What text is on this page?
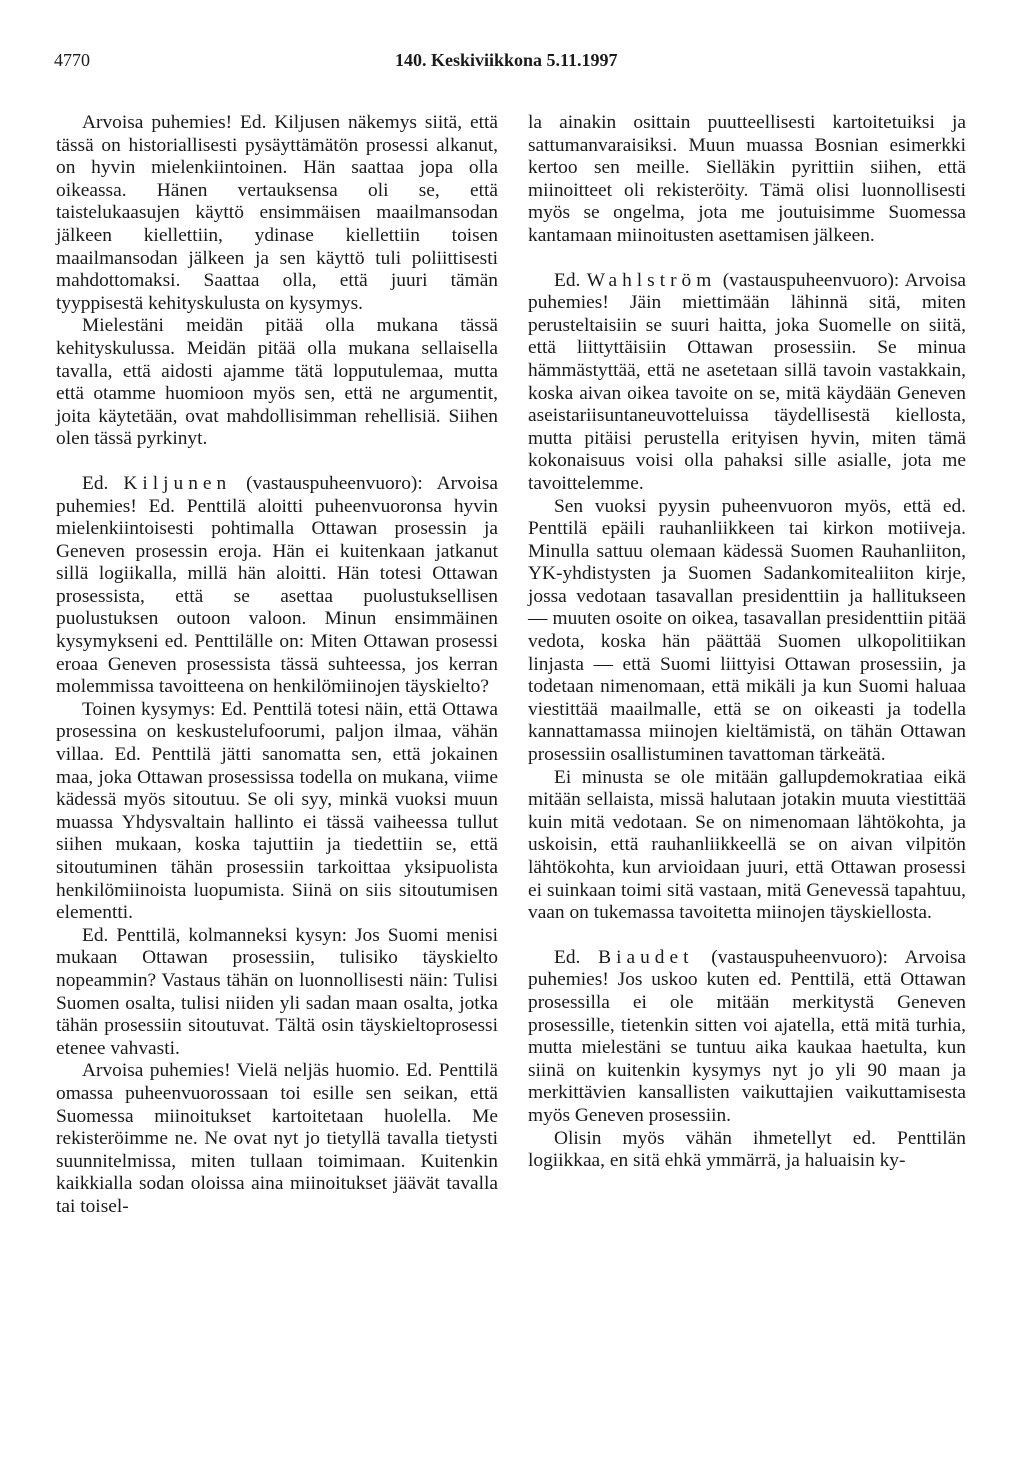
4770	140. Keskiviikkona 5.11.1997

Arvoisa puhemies! Ed. Kiljusen näkemys siitä, että tässä on historiallisesti pysäyttämätön prosessi alkanut, on hyvin mielenkiintoinen. Hän saattaa jopa olla oikeassa. Hänen vertauksensa oli se, että taistelukaasujen käyttö ensimmäisen maailmansodan jälkeen kiellettiin, ydinase kiellettiin toisen maailmansodan jälkeen ja sen käyttö tuli poliittisesti mahdottomaksi. Saattaa olla, että juuri tämän tyyppisestä kehityskulusta on kysymys.

Mielestäni meidän pitää olla mukana tässä kehityskulussa. Meidän pitää olla mukana sellaisella tavalla, että aidosti ajamme tätä lopputulemaa, mutta että otamme huomioon myös sen, että ne argumentit, joita käytetään, ovat mahdollisimman rehellisiä. Siihen olen tässä pyrkinyt.

Ed. Kiljunen (vastauspuheenvuoro): Arvoisa puhemies! Ed. Penttilä aloitti puheenvuoronsa hyvin mielenkiintoisesti pohtimalla Ottawan prosessin ja Geneven prosessin eroja. Hän ei kuitenkaan jatkanut sillä logiikalla, millä hän aloitti. Hän totesi Ottawan prosessista, että se asettaa puolustuksellisen puolustuksen outoon valoon. Minun ensimmäinen kysymykseni ed. Penttilälle on: Miten Ottawan prosessi eroaa Geneven prosessista tässä suhteessa, jos kerran molemmissa tavoitteena on henkilömiinojen täyskielto?

Toinen kysymys: Ed. Penttilä totesi näin, että Ottawa prosessina on keskustelufoorumi, paljon ilmaa, vähän villaa. Ed. Penttilä jätti sanomatta sen, että jokainen maa, joka Ottawan prosessissa todella on mukana, viime kädessä myös sitoutuu. Se oli syy, minkä vuoksi muun muassa Yhdysvaltain hallinto ei tässä vaiheessa tullut siihen mukaan, koska tajuttiin ja tiedettiin se, että sitoutuminen tähän prosessiin tarkoittaa yksipuolista henkilömiinoista luopumista. Siinä on siis sitoutumisen elementti.

Ed. Penttilä, kolmanneksi kysyn: Jos Suomi menisi mukaan Ottawan prosessiin, tulisiko täyskielto nopeammin? Vastaus tähän on luonnollisesti näin: Tulisi Suomen osalta, tulisi niiden yli sadan maan osalta, jotka tähän prosessiin sitoutuvat. Tältä osin täyskieltoprosessi etenee vahvasti.

Arvoisa puhemies! Vielä neljäs huomio. Ed. Penttilä omassa puheenvuorossaan toi esille sen seikan, että Suomessa miinoitukset kartoitetaan huolella. Me rekisteröimme ne. Ne ovat nyt jo tietyllä tavalla tietysti suunnitelmissa, miten tullaan toimimaan. Kuitenkin kaikkialla sodan oloissa aina miinoitukset jäävät tavalla tai toisel-

la ainakin osittain puutteellisesti kartoitetuiksi ja sattumanvaraisiksi. Muun muassa Bosnian esimerkki kertoo sen meille. Sielläkin pyrittiin siihen, että miinoitteet oli rekisteröity. Tämä olisi luonnollisesti myös se ongelma, jota me joutuisimme Suomessa kantamaan miinoitusten asettamisen jälkeen.

Ed. Wahlström (vastauspuheenvuoro): Arvoisa puhemies! Jäin miettimään lähinnä sitä, miten perusteltaisiin se suuri haitta, joka Suomelle on siitä, että liittyttäisiin Ottawan prosessiin. Se minua hämmästyttää, että ne asetetaan sillä tavoin vastakkain, koska aivan oikea tavoite on se, mitä käydään Geneven aseistariisuntaneuvotteluissa täydellisestä kiellosta, mutta pitäisi perustella erityisen hyvin, miten tämä kokonaisuus voisi olla pahaksi sille asialle, jota me tavoittelemme.

Sen vuoksi pyysin puheenvuoron myös, että ed. Penttilä epäili rauhanliikkeen tai kirkon motiiveja. Minulla sattuu olemaan kädessä Suomen Rauhanliiton, YK-yhdistysten ja Suomen Sadankomitealiiton kirje, jossa vedotaan tasavallan presidenttiin ja hallitukseen — muuten osoite on oikea, tasavallan presidenttiin pitää vedota, koska hän päättää Suomen ulkopolitiikan linjasta — että Suomi liittyisi Ottawan prosessiin, ja todetaan nimenomaan, että mikäli ja kun Suomi haluaa viestittää maailmalle, että se on oikeasti ja todella kannattamassa miinojen kieltämistä, on tähän Ottawan prosessiin osallistuminen tavattoman tärkeätä.

Ei minusta se ole mitään gallupdemokratiaa eikä mitään sellaista, missä halutaan jotakin muuta viestittää kuin mitä vedotaan. Se on nimenomaan lähtökohta, ja uskoisin, että rauhanliikkeellä se on aivan vilpitön lähtökohta, kun arvioidaan juuri, että Ottawan prosessi ei suinkaan toimi sitä vastaan, mitä Genevessä tapahtuu, vaan on tukemassa tavoitetta miinojen täyskiellosta.

Ed. Biaudet (vastauspuheenvuoro): Arvoisa puhemies! Jos uskoo kuten ed. Penttilä, että Ottawan prosessilla ei ole mitään merkitystä Geneven prosessille, tietenkin sitten voi ajatella, että mitä turhia, mutta mielestäni se tuntuu aika kaukaa haetulta, kun siinä on kuitenkin kysymys nyt jo yli 90 maan ja merkittävien kansallisten vaikuttajien vaikuttamisesta myös Geneven prosessiin.

Olisin myös vähän ihmetellyt ed. Penttilän logiikkaa, en sitä ehkä ymmärrä, ja haluaisin ky-
